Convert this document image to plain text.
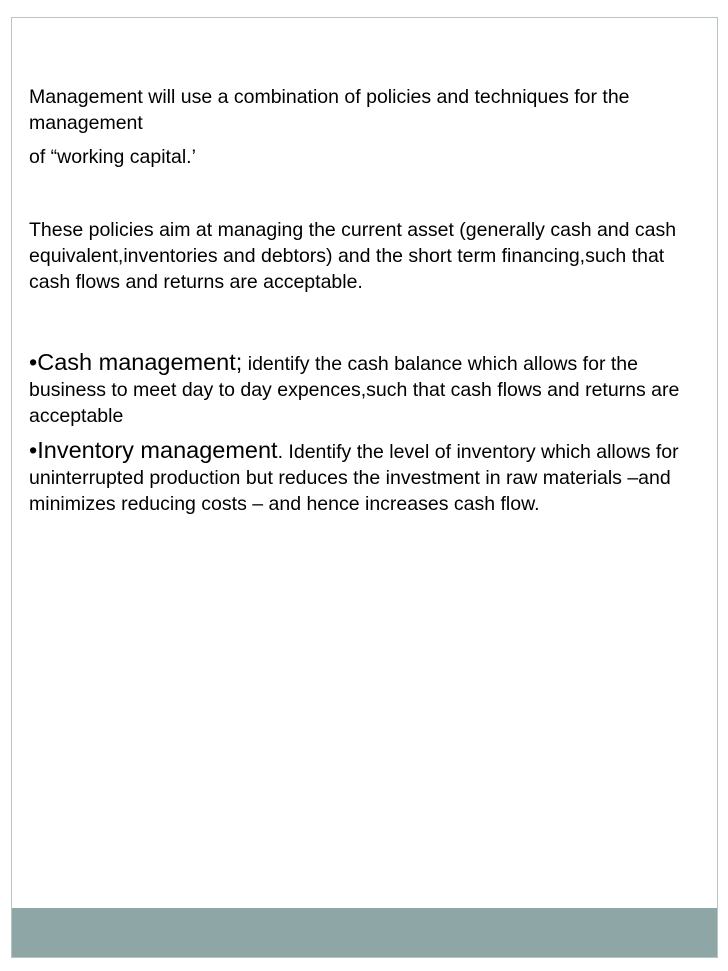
Management will use a combination of policies and techniques for the management

of “working capital.’

These policies aim at managing the current asset (generally cash and cash equivalent,inventories and debtors) and the short term financing,such that cash flows and returns are acceptable.

•Cash management; identify the cash balance which allows for the business to meet day to day expences,such that cash flows and returns are acceptable

•Inventory management. Identify the level of inventory which allows for uninterrupted production but reduces the investment in raw materials –and minimizes reducing costs – and hence increases cash flow.
